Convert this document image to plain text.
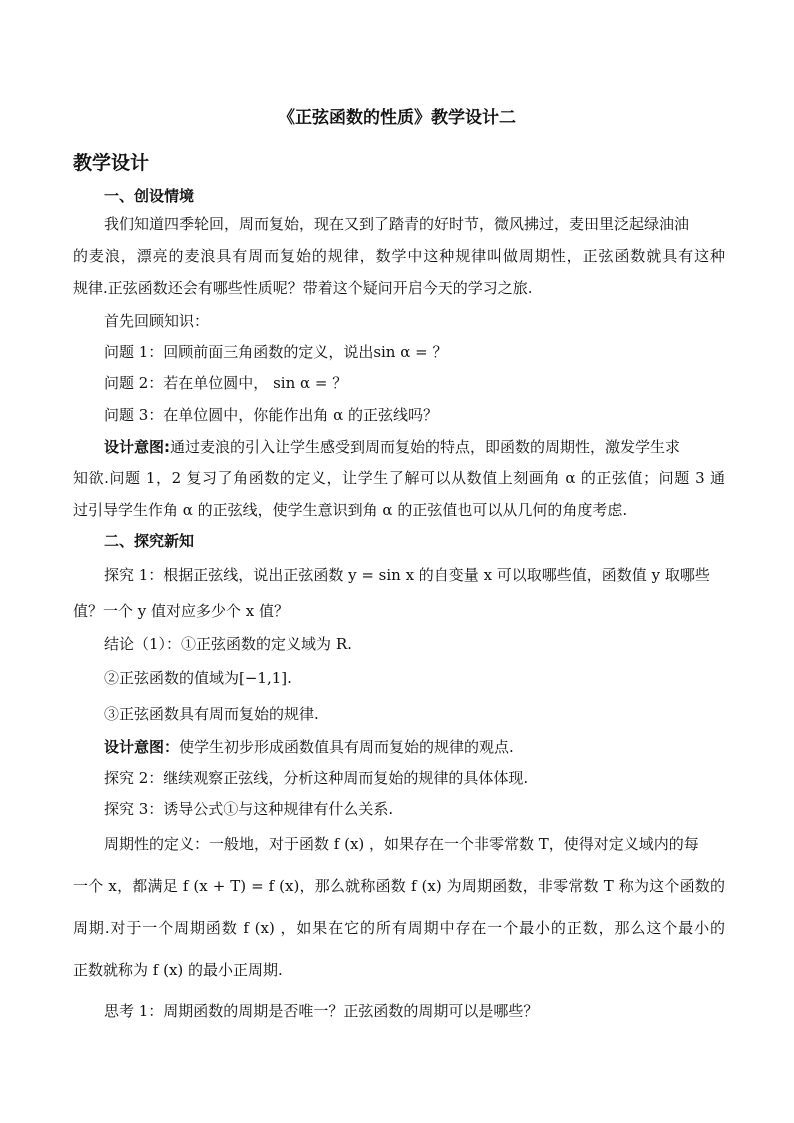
《正弦函数的性质》教学设计二
教学设计
一、创设情境
我们知道四季轮回，周而复始，现在又到了踏青的好时节，微风拂过，麦田里泛起绿油油
的麦浪，漂亮的麦浪具有周而复始的规律，数学中这种规律叫做周期性，正弦函数就具有这种
规律.正弦函数还会有哪些性质呢？带着这个疑问开启今天的学习之旅.
首先回顾知识：
问题 1：回顾前面三角函数的定义，说出sin α = ？
问题 2：若在单位圆中， sin α = ？
问题 3：在单位圆中，你能作出角 α 的正弦线吗？
设计意图:通过麦浪的引入让学生感受到周而复始的特点，即函数的周期性，激发学生求
知欲.问题 1，2 复习了角函数的定义，让学生了解可以从数值上刻画角 α 的正弦值；问题 3 通
过引导学生作角 α 的正弦线，使学生意识到角 α 的正弦值也可以从几何的角度考虑.
二、探究新知
探究 1：根据正弦线，说出正弦函数 y = sin x 的自变量 x 可以取哪些值，函数值 y 取哪些
值？一个 y 值对应多少个 x 值？
结论（1）：①正弦函数的定义域为 R.
②正弦函数的值域为[−1,1].
③正弦函数具有周而复始的规律.
设计意图：使学生初步形成函数值具有周而复始的规律的观点.
探究 2：继续观察正弦线，分析这种周而复始的规律的具体体现.
探究 3：诱导公式①与这种规律有什么关系.
周期性的定义：一般地，对于函数 f (x) ，如果存在一个非零常数 T，使得对定义域内的每
一个 x，都满足 f (x + T) = f (x)，那么就称函数 f (x) 为周期函数，非零常数 T 称为这个函数的
周期.对于一个周期函数 f (x) ，如果在它的所有周期中存在一个最小的正数，那么这个最小的
正数就称为 f (x) 的最小正周期.
思考 1：周期函数的周期是否唯一？正弦函数的周期可以是哪些？
